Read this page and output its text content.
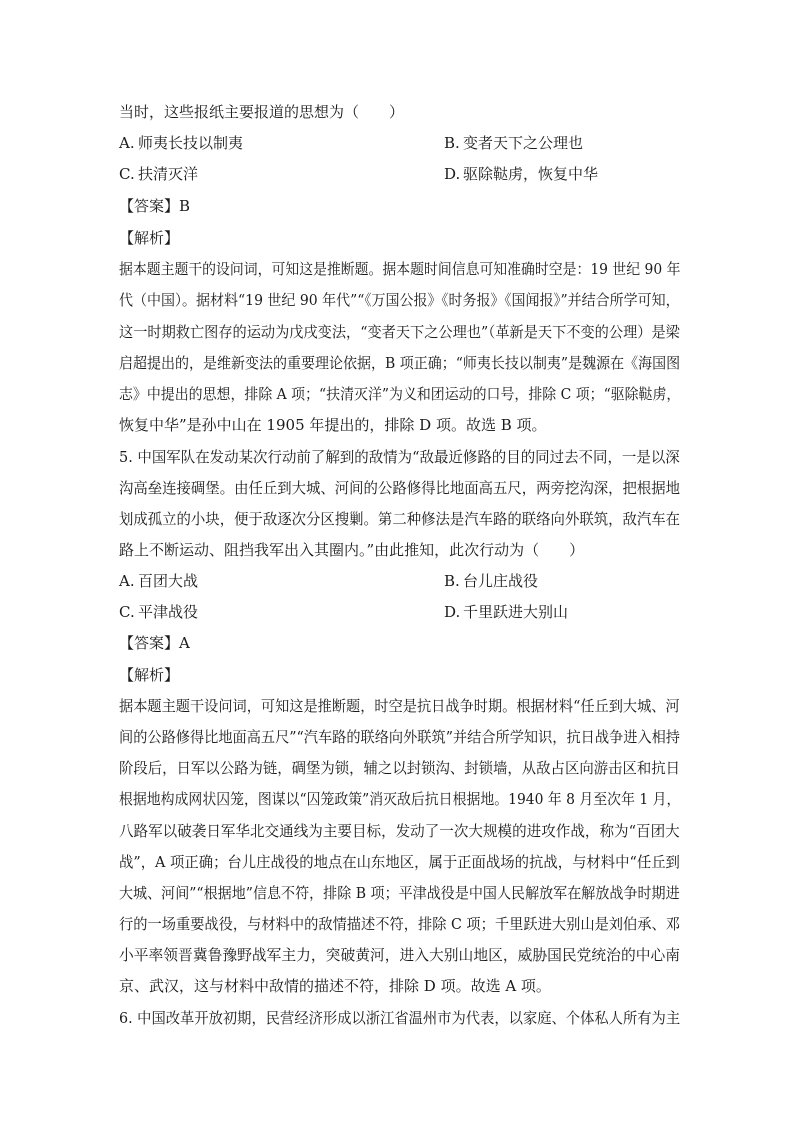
当时，这些报纸主要报道的思想为（　　）
A. 师夷长技以制夷	B. 变者天下之公理也
C. 扶清灭洋	D. 驱除鞑虏，恢复中华
【答案】B
【解析】
据本题主题干的设问词，可知这是推断题。据本题时间信息可知准确时空是：19 世纪 90 年
代（中国）。据材料“19 世纪 90 年代”“《万国公报》《时务报》《国闻报》”并结合所学可知，
这一时期救亡图存的运动为戊戌变法，“变者天下之公理也”（革新是天下不变的公理）是梁
启超提出的，是维新变法的重要理论依据，B 项正确；“师夷长技以制夷”是魏源在《海国图
志》中提出的思想，排除 A 项；“扶清灭洋”为义和团运动的口号，排除 C 项；“驱除鞑虏，
恢复中华”是孙中山在 1905 年提出的，排除 D 项。故选 B 项。
5. 中国军队在发动某次行动前了解到的敌情为“敌最近修路的目的同过去不同，一是以深
沟高垒连接碉堡。由任丘到大城、河间的公路修得比地面高五尺，两旁挖沟深，把根据地
划成孤立的小块，便于敌逐次分区搜剿。第二种修法是汽车路的联络向外联筑，敌汽车在
路上不断运动、阻挡我军出入其圈内。”由此推知，此次行动为（　　）
A. 百团大战	B. 台儿庄战役
C. 平津战役	D. 千里跃进大别山
【答案】A
【解析】
据本题主题干设问词，可知这是推断题，时空是抗日战争时期。根据材料“任丘到大城、河
间的公路修得比地面高五尺”“汽车路的联络向外联筑”并结合所学知识，抗日战争进入相持
阶段后，日军以公路为链，碉堡为锁，辅之以封锁沟、封锁墙，从敌占区向游击区和抗日
根据地构成网状囚笼，图谋以“囚笼政策”消灭敌后抗日根据地。1940 年 8 月至次年 1 月，
八路军以破袭日军华北交通线为主要目标，发动了一次大规模的进攻作战，称为“百团大
战”，A 项正确；台儿庄战役的地点在山东地区，属于正面战场的抗战，与材料中“任丘到
大城、河间”“根据地”信息不符，排除 B 项；平津战役是中国人民解放军在解放战争时期进
行的一场重要战役，与材料中的敌情描述不符，排除 C 项；千里跃进大别山是刘伯承、邓
小平率领晋冀鲁豫野战军主力，突破黄河，进入大别山地区，威胁国民党统治的中心南
京、武汉，这与材料中敌情的描述不符，排除 D 项。故选 A 项。
6. 中国改革开放初期，民营经济形成以浙江省温州市为代表，以家庭、个体私人所有为主
